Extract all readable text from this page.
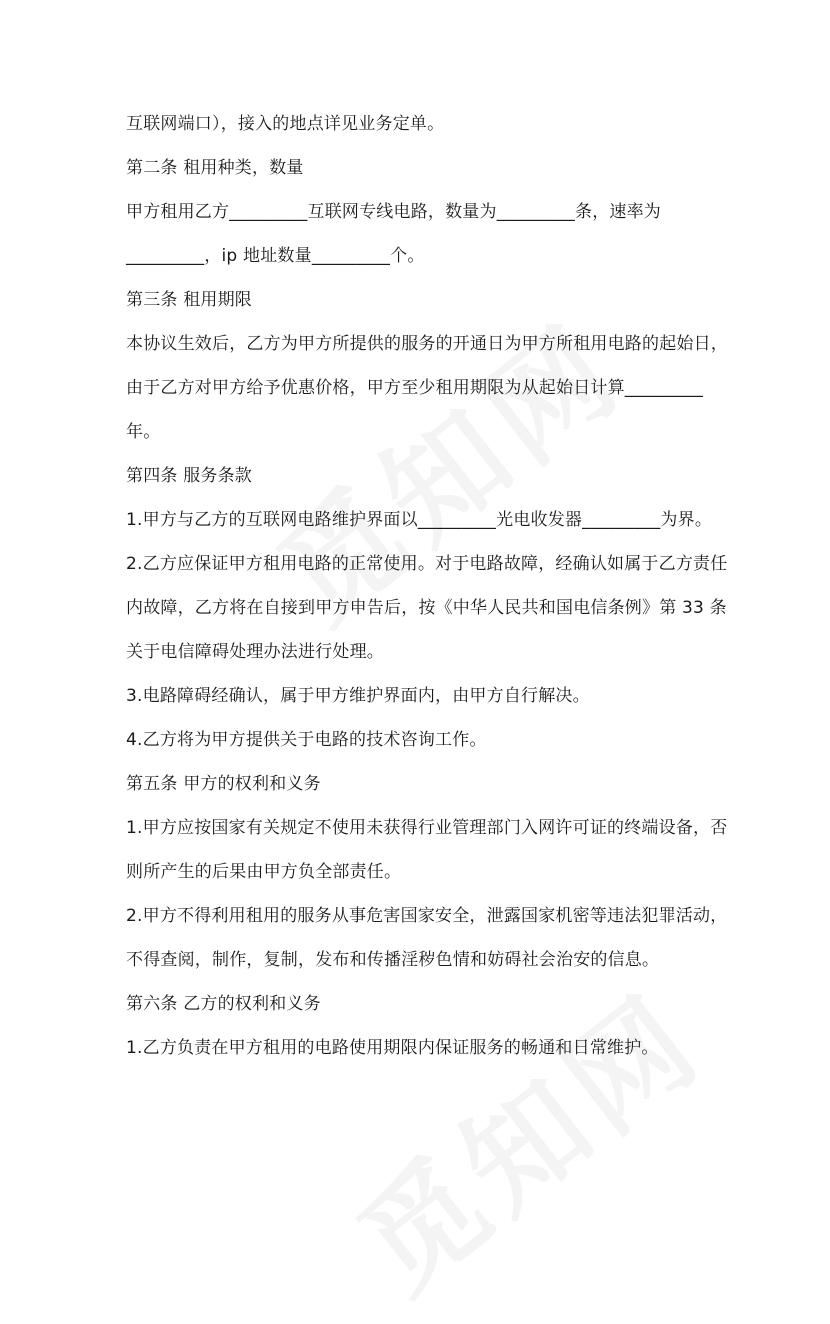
互联网端口），接入的地点详见业务定单。
第二条 租用种类，数量
甲方租用乙方_________互联网专线电路，数量为_________条，速率为
_________，ip 地址数量_________个。
第三条 租用期限
本协议生效后，乙方为甲方所提供的服务的开通日为甲方所租用电路的起始日，
由于乙方对甲方给予优惠价格，甲方至少租用期限为从起始日计算_________
年。
第四条 服务条款
1.甲方与乙方的互联网电路维护界面以_________光电收发器_________为界。
2.乙方应保证甲方租用电路的正常使用。对于电路故障，经确认如属于乙方责任
内故障，乙方将在自接到甲方申告后，按《中华人民共和国电信条例》第 33 条
关于电信障碍处理办法进行处理。
3.电路障碍经确认，属于甲方维护界面内，由甲方自行解决。
4.乙方将为甲方提供关于电路的技术咨询工作。
第五条 甲方的权利和义务
1.甲方应按国家有关规定不使用未获得行业管理部门入网许可证的终端设备，否
则所产生的后果由甲方负全部责任。
2.甲方不得利用租用的服务从事危害国家安全，泄露国家机密等违法犯罪活动，
不得查阅，制作，复制，发布和传播淫秽色情和妨碍社会治安的信息。
第六条 乙方的权利和义务
1.乙方负责在甲方租用的电路使用期限内保证服务的畅通和日常维护。
